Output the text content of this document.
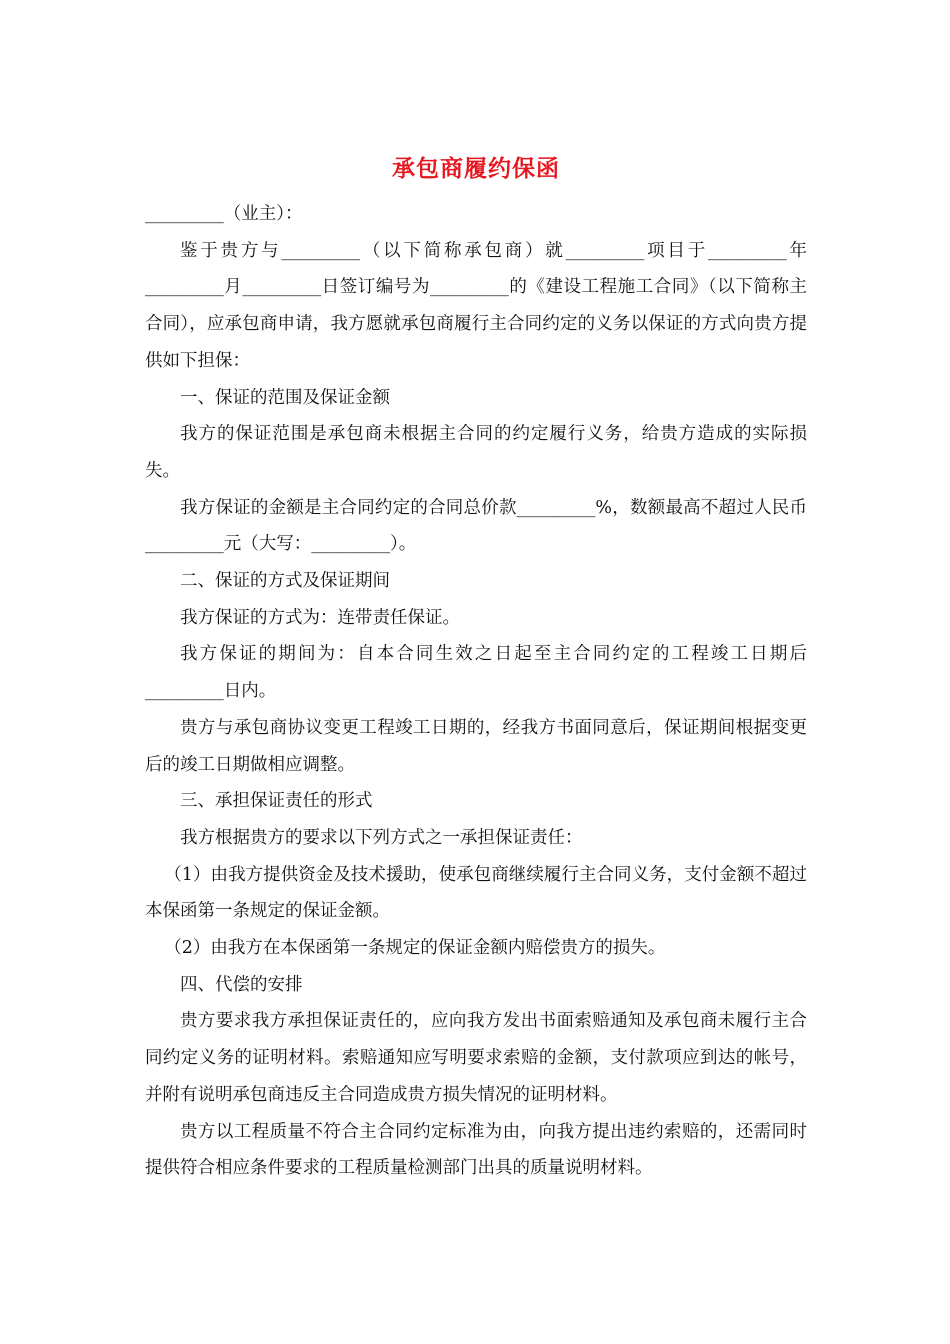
承包商履约保函

_________（业主）：

鉴于贵方与_________（以下简称承包商）就_________项目于_________年_________月_________日签订编号为_________的《建设工程施工合同》（以下简称主合同），应承包商申请，我方愿就承包商履行主合同约定的义务以保证的方式向贵方提供如下担保：

一、保证的范围及保证金额

我方的保证范围是承包商未根据主合同的约定履行义务，给贵方造成的实际损失。

我方保证的金额是主合同约定的合同总价款_________%，数额最高不超过人民币_________元（大写：_________）。

二、保证的方式及保证期间

我方保证的方式为：连带责任保证。

我方保证的期间为：自本合同生效之日起至主合同约定的工程竣工日期后_________日内。

贵方与承包商协议变更工程竣工日期的，经我方书面同意后，保证期间根据变更后的竣工日期做相应调整。

三、承担保证责任的形式

我方根据贵方的要求以下列方式之一承担保证责任：

（1）由我方提供资金及技术援助，使承包商继续履行主合同义务，支付金额不超过本保函第一条规定的保证金额。

（2）由我方在本保函第一条规定的保证金额内赔偿贵方的损失。

四、代偿的安排

贵方要求我方承担保证责任的，应向我方发出书面索赔通知及承包商未履行主合同约定义务的证明材料。索赔通知应写明要求索赔的金额，支付款项应到达的帐号，并附有说明承包商违反主合同造成贵方损失情况的证明材料。

贵方以工程质量不符合主合同约定标准为由，向我方提出违约索赔的，还需同时提供符合相应条件要求的工程质量检测部门出具的质量说明材料。
